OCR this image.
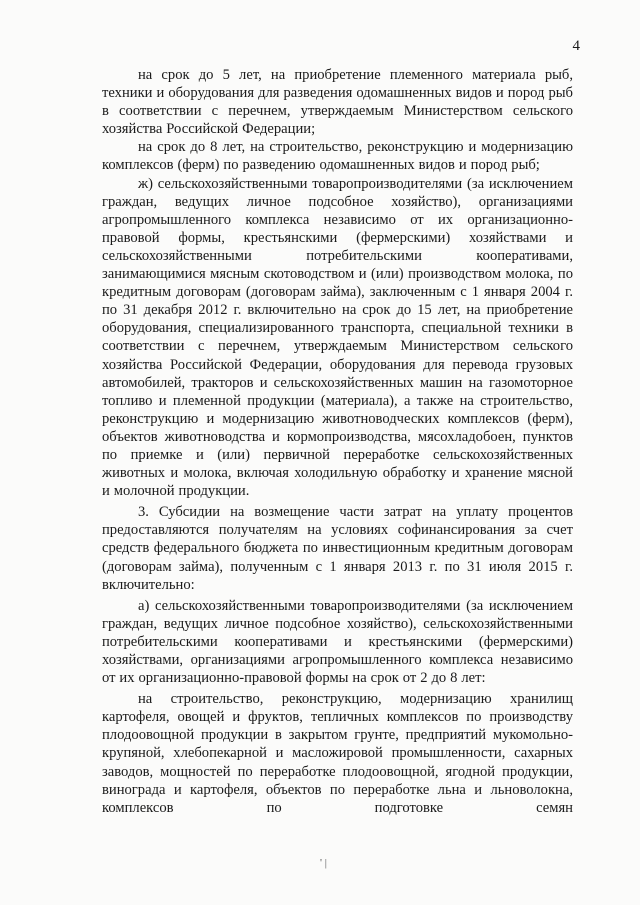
4

на срок до 5 лет, на приобретение племенного материала рыб, техники и оборудования для разведения одомашненных видов и пород рыб в соответствии с перечнем, утверждаемым Министерством сельского хозяйства Российской Федерации;

на срок до 8 лет, на строительство, реконструкцию и модернизацию комплексов (ферм) по разведению одомашненных видов и пород рыб;

ж) сельскохозяйственными товаропроизводителями (за исключением граждан, ведущих личное подсобное хозяйство), организациями агропромышленного комплекса независимо от их организационно-правовой формы, крестьянскими (фермерскими) хозяйствами и сельскохозяйственными потребительскими кооперативами, занимающимися мясным скотоводством и (или) производством молока, по кредитным договорам (договорам займа), заключенным с 1 января 2004 г. по 31 декабря 2012 г. включительно на срок до 15 лет, на приобретение оборудования, специализированного транспорта, специальной техники в соответствии с перечнем, утверждаемым Министерством сельского хозяйства Российской Федерации, оборудования для перевода грузовых автомобилей, тракторов и сельскохозяйственных машин на газомоторное топливо и племенной продукции (материала), а также на строительство, реконструкцию и модернизацию животноводческих комплексов (ферм), объектов животноводства и кормопроизводства, мясохладобоен, пунктов по приемке и (или) первичной переработке сельскохозяйственных животных и молока, включая холодильную обработку и хранение мясной и молочной продукции.

3. Субсидии на возмещение части затрат на уплату процентов предоставляются получателям на условиях софинансирования за счет средств федерального бюджета по инвестиционным кредитным договорам (договорам займа), полученным с 1 января 2013 г. по 31 июля 2015 г. включительно:

а) сельскохозяйственными товаропроизводителями (за исключением граждан, ведущих личное подсобное хозяйство), сельскохозяйственными потребительскими кооперативами и крестьянскими (фермерскими) хозяйствами, организациями агропромышленного комплекса независимо от их организационно-правовой формы на срок от 2 до 8 лет:

на строительство, реконструкцию, модернизацию хранилищ картофеля, овощей и фруктов, тепличных комплексов по производству плодоовощной продукции в закрытом грунте, предприятий мукомольно-крупяной, хлебопекарной и масложировой промышленности, сахарных заводов, мощностей по переработке плодоовощной, ягодной продукции, винограда и картофеля, объектов по переработке льна и льноволокна, комплексов по подготовке семян

' |
